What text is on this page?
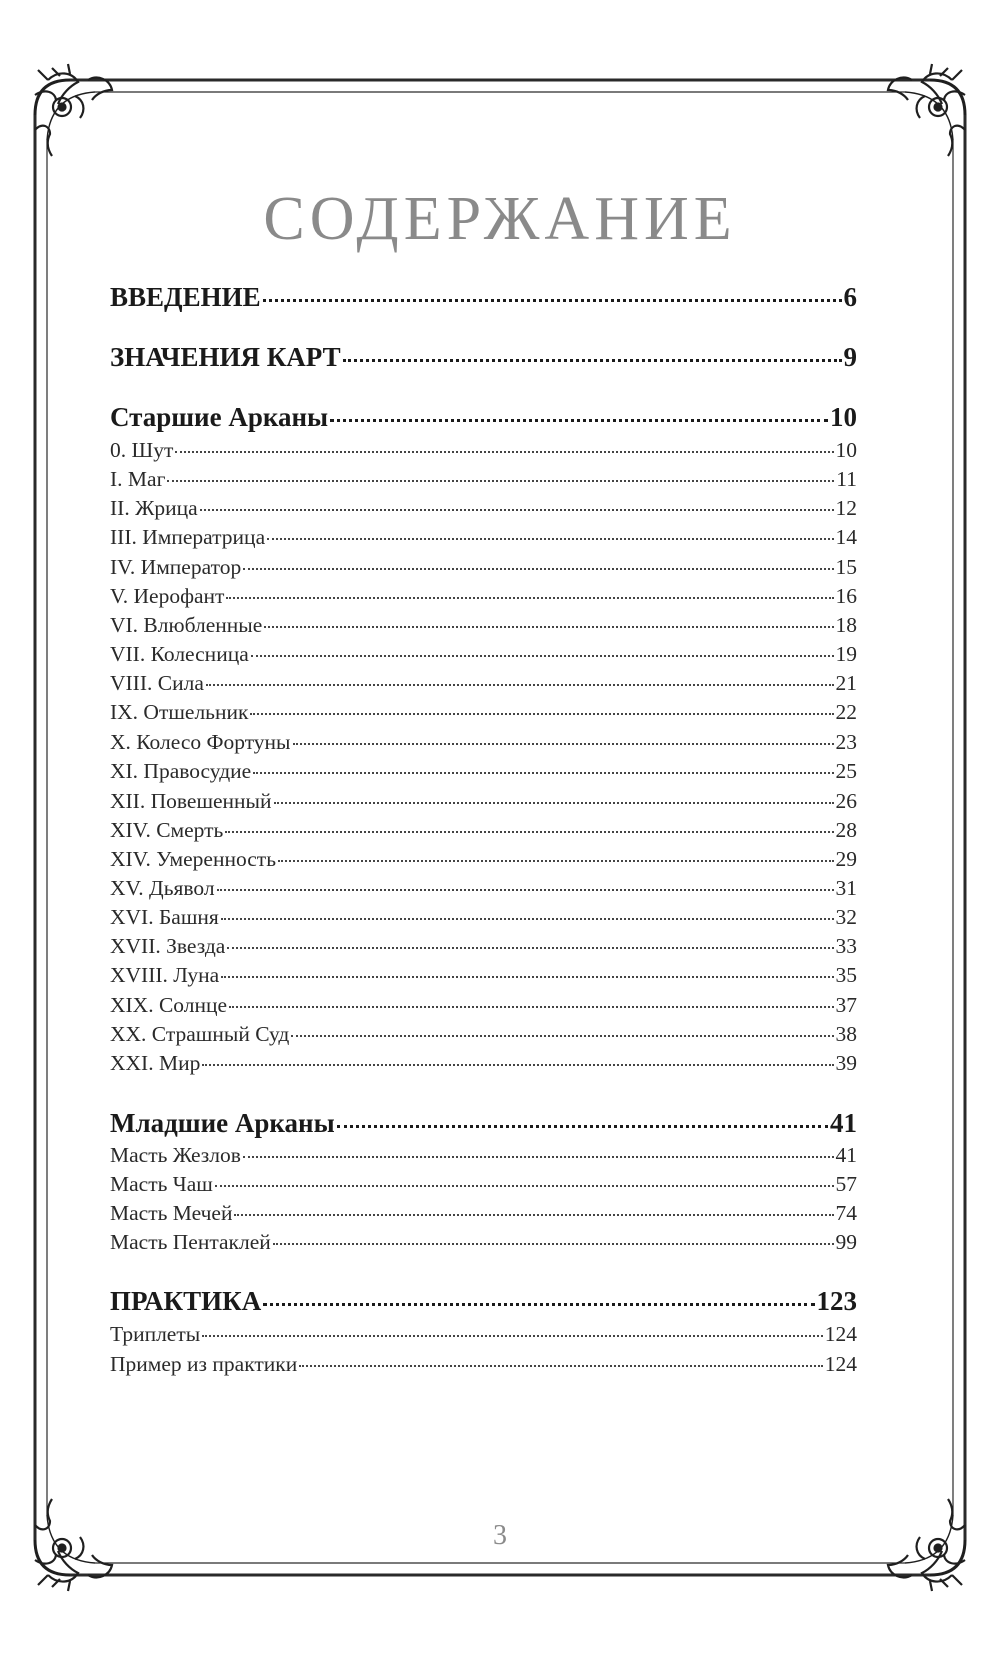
СОДЕРЖАНИЕ
ВВЕДЕНИЕ	6
ЗНАЧЕНИЯ КАРТ	9
Старшие Арканы	10
0. Шут	10
I. Маг	11
II. Жрица	12
III. Императрица	14
IV. Император	15
V. Иерофант	16
VI. Влюбленные	18
VII. Колесница	19
VIII. Сила	21
IX. Отшельник	22
X. Колесо Фортуны	23
XI. Правосудие	25
XII. Повешенный	26
XIV. Смерть	28
XIV. Умеренность	29
XV. Дьявол	31
XVI. Башня	32
XVII. Звезда	33
XVIII. Луна	35
XIX. Солнце	37
XX. Страшный Суд	38
XXI. Мир	39
Младшие Арканы	41
Масть Жезлов	41
Масть Чаш	57
Масть Мечей	74
Масть Пентаклей	99
ПРАКТИКА	123
Триплеты	124
Пример из практики	124
3
